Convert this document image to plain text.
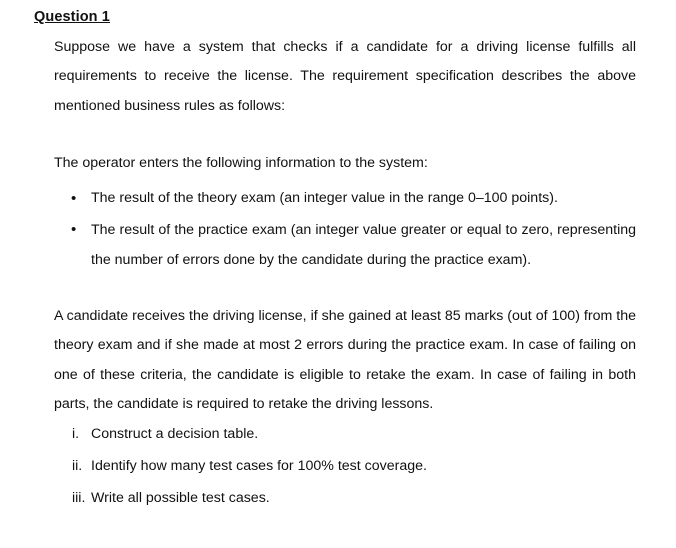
Question 1

Suppose we have a system that checks if a candidate for a driving license fulfills all requirements to receive the license. The requirement specification describes the above mentioned business rules as follows:

The operator enters the following information to the system:

• The result of the theory exam (an integer value in the range 0–100 points).
• The result of the practice exam (an integer value greater or equal to zero, representing the number of errors done by the candidate during the practice exam).

A candidate receives the driving license, if she gained at least 85 marks (out of 100) from the theory exam and if she made at most 2 errors during the practice exam. In case of failing on one of these criteria, the candidate is eligible to retake the exam. In case of failing in both parts, the candidate is required to retake the driving lessons.

i. Construct a decision table.
ii. Identify how many test cases for 100% test coverage.
iii. Write all possible test cases.
